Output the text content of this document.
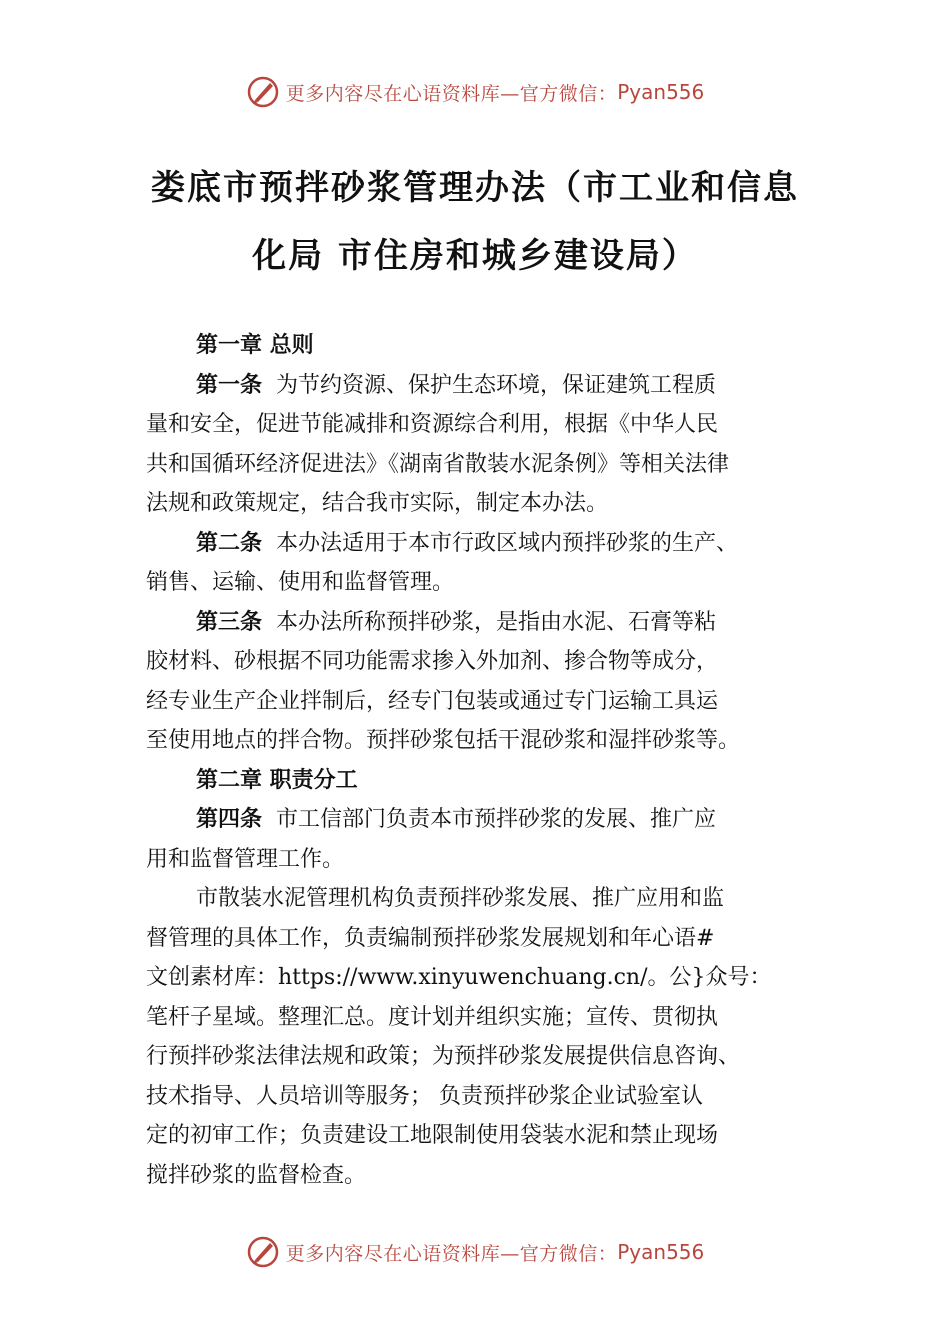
更多内容尽在心语资料库—官方微信： Pyan556
娄底市预拌砂浆管理办法（市工业和信息
化局 市住房和城乡建设局）

第一章 总则

第一条 为节约资源、保护生态环境，保证建筑工程质

量和安全，促进节能减排和资源综合利用，根据《中华人民

共和国循环经济促进法》《湖南省散装水泥条例》等相关法律

法规和政策规定，结合我市实际，制定本办法。

第二条 本办法适用于本市行政区域内预拌砂浆的生产、

销售、运输、使用和监督管理。

第三条 本办法所称预拌砂浆，是指由水泥、石膏等粘

胶材料、砂根据不同功能需求掺入外加剂、掺合物等成分，

经专业生产企业拌制后，经专门包装或通过专门运输工具运

至使用地点的拌合物。预拌砂浆包括干混砂浆和湿拌砂浆等。

第二章 职责分工

第四条 市工信部门负责本市预拌砂浆的发展、推广应

用和监督管理工作。

市散装水泥管理机构负责预拌砂浆发展、推广应用和监

督管理的具体工作，负责编制预拌砂浆发展规划和年心语#

文创素材库：https://www.xinyuwenchuang.cn/。公}众号：

笔杆子星域。整理汇总。度计划并组织实施；宣传、贯彻执

行预拌砂浆法律法规和政策；为预拌砂浆发展提供信息咨询、

技术指导、人员培训等服务； 负责预拌砂浆企业试验室认

定的初审工作；负责建设工地限制使用袋装水泥和禁止现场

搅拌砂浆的监督检查。

更多内容尽在心语资料库—官方微信： Pyan556
